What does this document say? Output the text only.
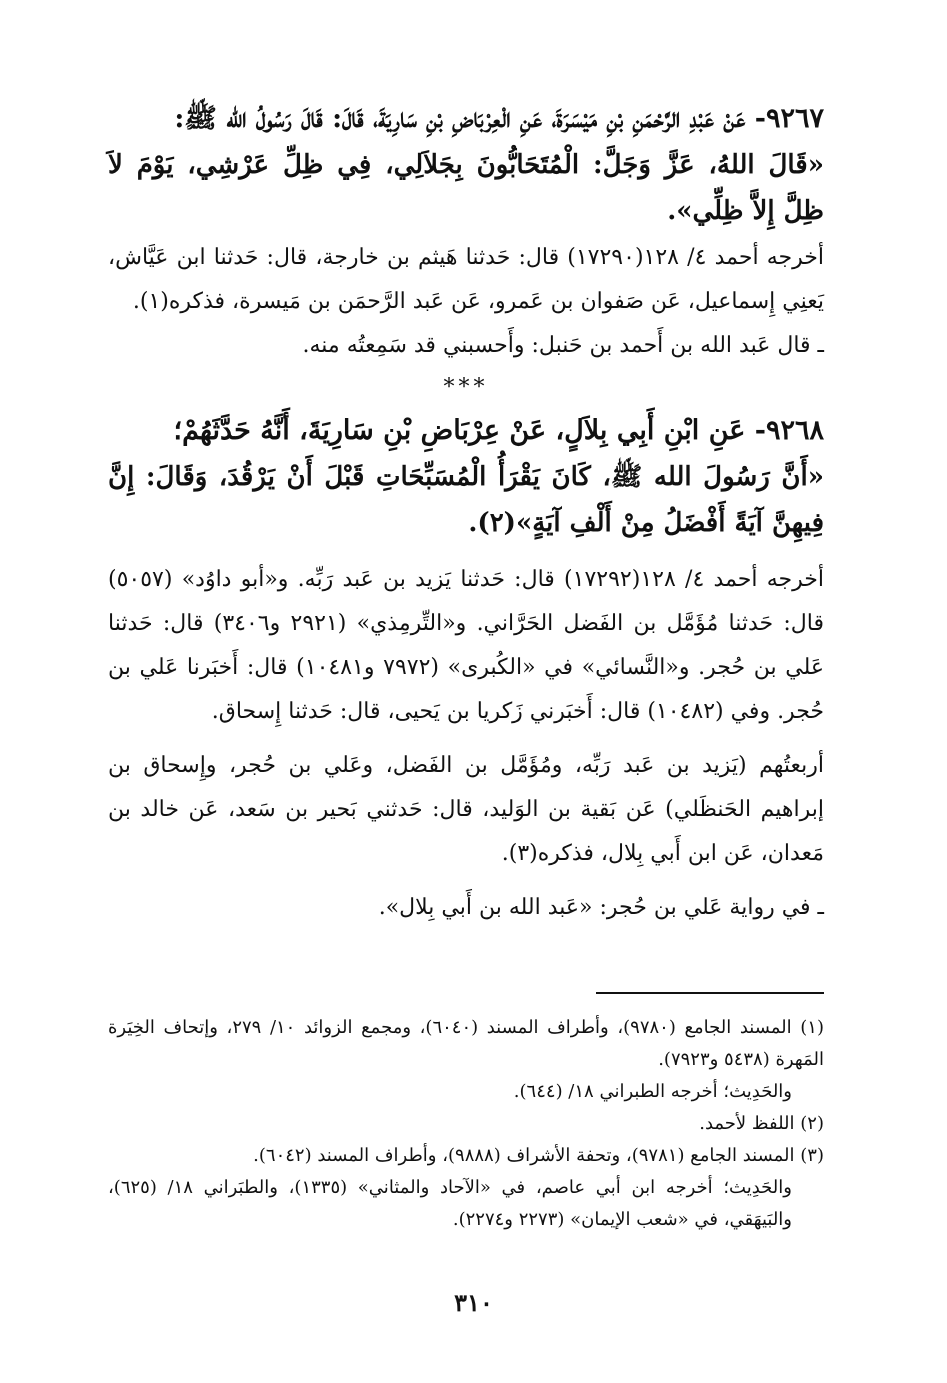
٩٢٦٧- عَنْ عَبْدِ الرَّحْمَنِ بْنِ مَيْسَرَةَ، عَنِ الْعِرْبَاضِ بْنِ سَارِيَةَ، قَالَ: قَالَ رَسُولُ الله ﷺ:

«قَالَ اللهُ، عَزَّ وَجَلَّ: الْمُتَحَابُّونَ بِجَلاَلِي، فِي ظِلِّ عَرْشِي، يَوْمَ لاَ ظِلَّ إِلاَّ ظِلِّي».

أخرجه أحمد ٤/ ١٢٨(١٧٢٩٠) قال: حَدثنا هَيثم بن خارجة، قال: حَدثنا ابن عَيَّاش، يَعنِي إِسماعيل، عَن صَفوان بن عَمرو، عَن عَبد الرَّحمَن بن مَيسرة، فذكره(١).

ـ قال عَبد الله بن أَحمد بن حَنبل: وأَحسبني قد سَمِعتُه منه.

***

٩٢٦٨- عَنِ ابْنِ أَبِي بِلاَلٍ، عَنْ عِرْبَاضِ بْنِ سَارِيَةَ، أَنَّهُ حَدَّثَهُمْ؛

«أَنَّ رَسُولَ الله ﷺ، كَانَ يَقْرَأُ الْمُسَبِّحَاتِ قَبْلَ أَنْ يَرْقُدَ، وَقَالَ: إِنَّ فِيهِنَّ آيَةً أَفْضَلُ مِنْ أَلْفِ آيَةٍ»(٢).

أخرجه أحمد ٤/ ١٢٨(١٧٢٩٢) قال: حَدثنا يَزيد بن عَبد رَبِّه. و«أبو داوُد» (٥٠٥٧) قال: حَدثنا مُؤَمَّل بن الفَضل الحَرَّاني. و«التِّرمِذي» (٢٩٢١ و٣٤٠٦) قال: حَدثنا عَلي بن حُجر. و«النَّسائي» في «الكُبرى» (٧٩٧٢ و١٠٤٨١) قال: أَخبَرنا عَلي بن حُجر. وفي (١٠٤٨٢) قال: أَخبَرني زَكريا بن يَحيى، قال: حَدثنا إِسحاق.

أربعتُهم (يَزيد بن عَبد رَبِّه، ومُؤَمَّل بن الفَضل، وعَلي بن حُجر، وإِسحاق بن إبراهيم الحَنظَلي) عَن بَقية بن الوَليد، قال: حَدثني بَحير بن سَعد، عَن خالد بن مَعدان، عَن ابن أَبي بِلال، فذكره(٣).

ـ في رواية عَلي بن حُجر: «عَبد الله بن أَبي بِلال».

(١) المسند الجامع (٩٧٨٠)، وأطراف المسند (٦٠٤٠)، ومجمع الزوائد ١٠/ ٢٧٩، وإتحاف الخِيَرة المَهرة (٥٤٣٨ و٧٩٢٣).

والحَدِيث؛ أخرجه الطبراني ١٨/ (٦٤٤).

(٢) اللفظ لأحمد.

(٣) المسند الجامع (٩٧٨١)، وتحفة الأشراف (٩٨٨٨)، وأطراف المسند (٦٠٤٢).

والحَدِيث؛ أخرجه ابن أبي عاصم، في «الآحاد والمثاني» (١٣٣٥)، والطبَراني ١٨/ (٦٢٥)، والبَيهَقي، في «شعب الإيمان» (٢٢٧٣ و٢٢٧٤).

٣١٠
